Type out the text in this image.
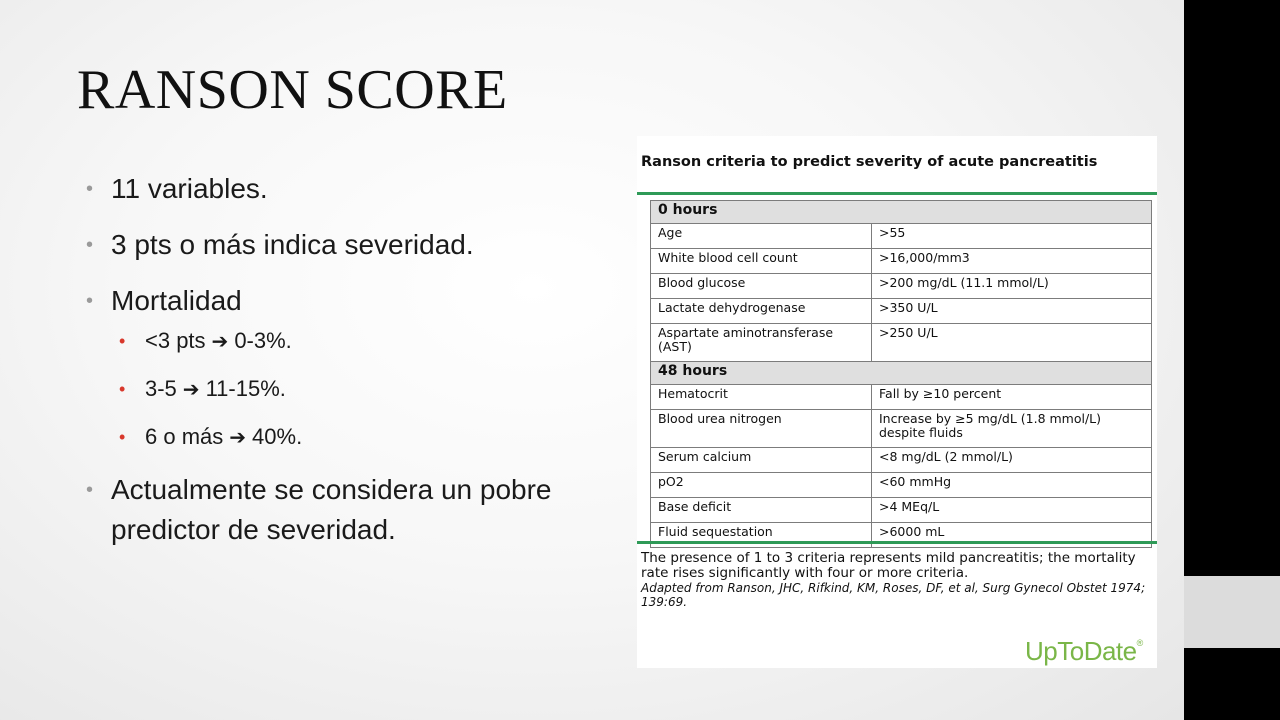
RANSON SCORE
• 11 variables.
• 3 pts o más indica severidad.
• Mortalidad
• <3 pts ➔ 0-3%.
• 3-5 ➔ 11-15%.
• 6 o más ➔ 40%.
• Actualmente se considera un pobre predictor de severidad.
Ranson criteria to predict severity of acute pancreatitis
0 hours	
Age	>55
White blood cell count	>16,000/mm3
Blood glucose	>200 mg/dL (11.1 mmol/L)
Lactate dehydrogenase	>350 U/L
Aspartate aminotransferase (AST)	>250 U/L
48 hours	
Hematocrit	Fall by ≥10 percent
Blood urea nitrogen	Increase by ≥5 mg/dL (1.8 mmol/L) despite fluids
Serum calcium	<8 mg/dL (2 mmol/L)
pO2	<60 mmHg
Base deficit	>4 MEq/L
Fluid sequestation	>6000 mL
The presence of 1 to 3 criteria represents mild pancreatitis; the mortality rate rises significantly with four or more criteria.
Adapted from Ranson, JHC, Rifkind, KM, Roses, DF, et al, Surg Gynecol Obstet 1974; 139:69.
UpToDate®
